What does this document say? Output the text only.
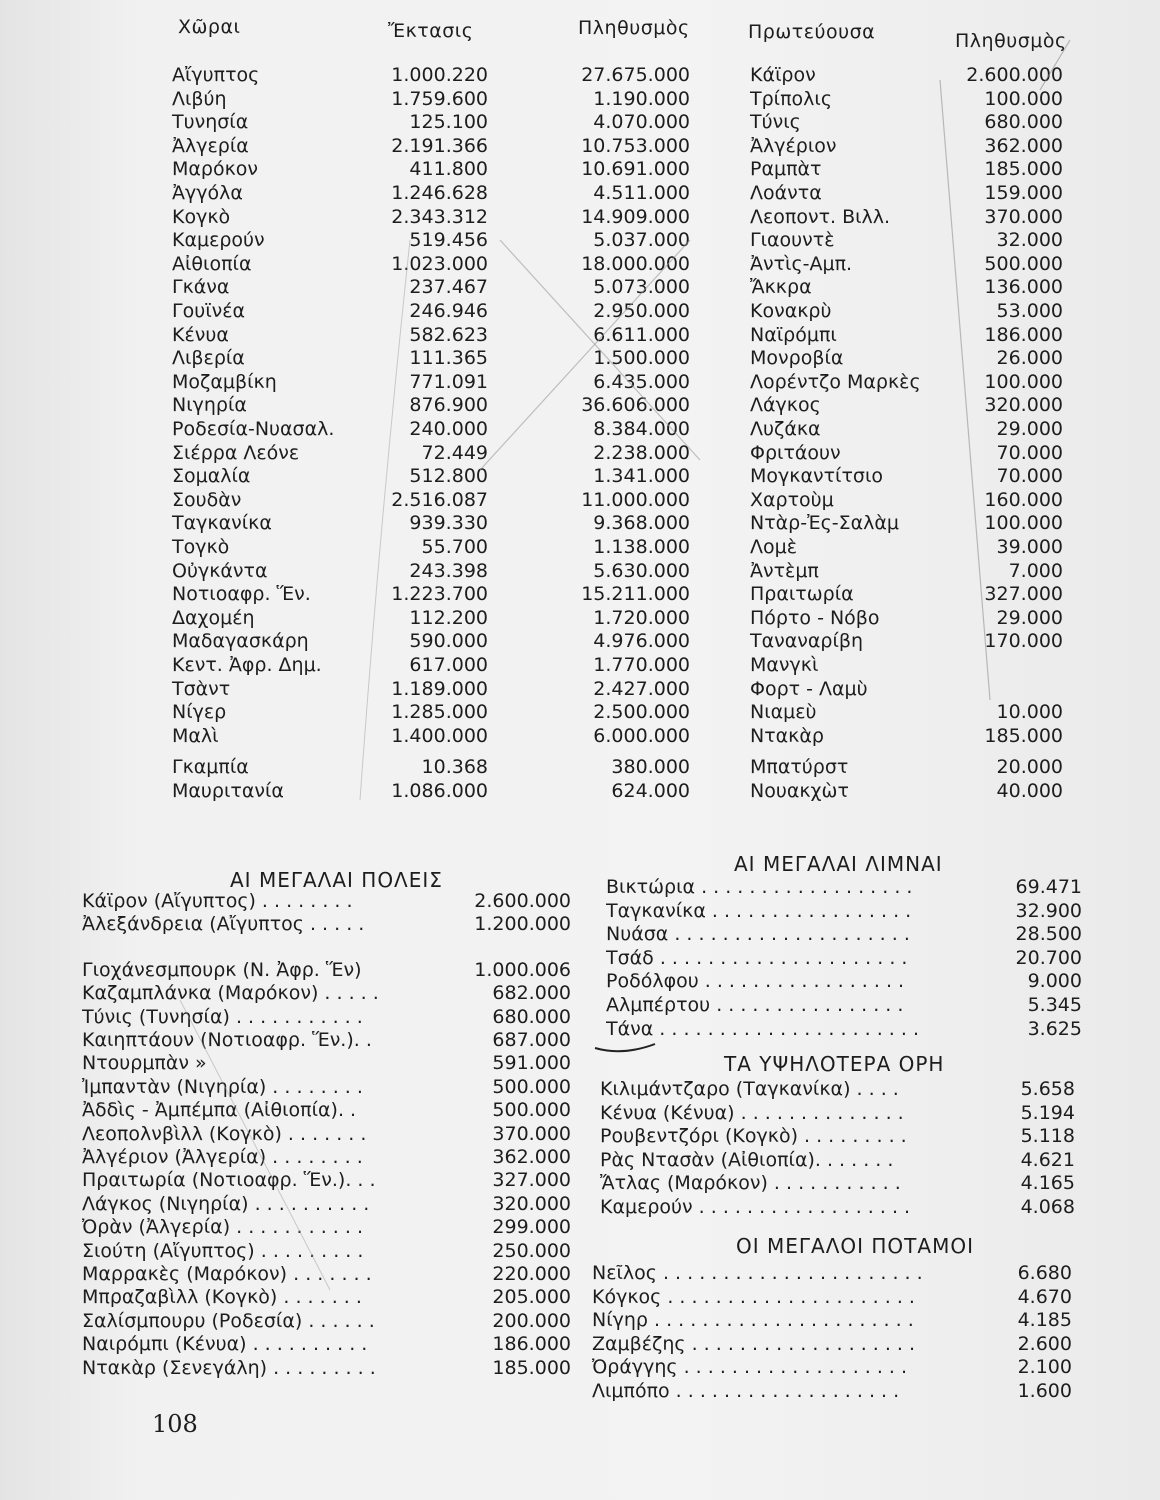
Χῶραι	Ἔκτασις	Πληθυσμὸς	Πρωτεύουσα	Πληθυσμὸς
Αἴγυπτος	1.000.220	27.675.000	Κάϊρον	2.600.000
Λιβύη	1.759.600	1.190.000	Τρίπολις	100.000
Τυνησία	125.100	4.070.000	Τύνις	680.000
Ἀλγερία	2.191.366	10.753.000	Ἀλγέριον	362.000
Μαρόκον	411.800	10.691.000	Ραμπὰτ	185.000
Ἀγγόλα	1.246.628	4.511.000	Λοάντα	159.000
Κογκὸ	2.343.312	14.909.000	Λεοποντ. Βιλλ.	370.000
Καμερούν	519.456	5.037.000	Γιαουντὲ	32.000
Αἰθιοπία	1.023.000	18.000.000	Ἀντὶς-Αμπ.	500.000
Γκάνα	237.467	5.073.000	Ἄκκρα	136.000
Γουϊνέα	246.946	2.950.000	Κονακρὺ	53.000
Κένυα	582.623	6.611.000	Ναϊρόμπι	186.000
Λιβερία	111.365	1.500.000	Μονροβία	26.000
Μοζαμβίκη	771.091	6.435.000	Λορέντζο Μαρκὲς	100.000
Νιγηρία	876.900	36.606.000	Λάγκος	320.000
Ροδεσία-Νυασαλ.	240.000	8.384.000	Λυζάκα	29.000
Σιέρρα Λεόνε	72.449	2.238.000	Φριτάουν	70.000
Σομαλία	512.800	1.341.000	Μογκαντίτσιο	70.000
Σουδὰν	2.516.087	11.000.000	Χαρτοὺμ	160.000
Ταγκανίκα	939.330	9.368.000	Ντὰρ-Ἐς-Σαλὰμ	100.000
Τογκὸ	55.700	1.138.000	Λομὲ	39.000
Οὐγκάντα	243.398	5.630.000	Ἀντὲμπ	7.000
Νοτιοαφρ. Ἕν.	1.223.700	15.211.000	Πραιτωρία	327.000
Δαχομέη	112.200	1.720.000	Πόρτο - Νόβο	29.000
Μαδαγασκάρη	590.000	4.976.000	Ταναναρίβη	170.000
Κεντ. Ἀφρ. Δημ.	617.000	1.770.000	Μανγκὶ
Τσὰντ	1.189.000	2.427.000	Φορτ - Λαμὺ
Νίγερ	1.285.000	2.500.000	Νιαμεὺ	10.000
Μαλὶ	1.400.000	6.000.000	Ντακὰρ	185.000
Γκαμπία	10.368	380.000	Μπατύρστ	20.000
Μαυριτανία	1.086.000	624.000	Νουακχὼτ	40.000
ΑΙ ΜΕΓΑΛΑΙ ΠΟΛΕΙΣ
Κάϊρον (Αἴγυπτος) . . . . . . . .	2.600.000
Ἀλεξάνδρεια (Αἴγυπτος . . . . .	1.200.000
Γιοχάνεσμπουρκ (Ν. Ἀφρ. Ἕν)	1.000.006
Καζαμπλάνκα (Μαρόκον) . . . . .	682.000
Τύνις (Τυνησία) . . . . . . . . . . .	680.000
Καιηπτάουν (Νοτιοαφρ. Ἕν.). .	687.000
Ντουρμπὰν »	591.000
Ἰμπαντὰν (Νιγηρία) . . . . . . . .	500.000
Ἀδδὶς - Ἀμπέμπα (Αἰθιοπία). .	500.000
Λεοπολνβὶλλ (Κογκὸ) . . . . . . .	370.000
Ἀλγέριον (Ἀλγερία) . . . . . . . .	362.000
Πραιτωρία (Νοτιοαφρ. Ἕν.). . .	327.000
Λάγκος (Νιγηρία) . . . . . . . . . .	320.000
Ὀρὰν (Ἀλγερία) . . . . . . . . . . .	299.000
Σιούτη (Αἴγυπτος) . . . . . . . . .	250.000
Μαρρακὲς (Μαρόκον) . . . . . . .	220.000
Μπραζαβὶλλ (Κογκὸ) . . . . . . .	205.000
Σαλίσμπουρυ (Ροδεσία) . . . . . .	200.000
Ναιρόμπι (Κένυα) . . . . . . . . . .	186.000
Ντακὰρ (Σενεγάλη) . . . . . . . . .	185.000
ΑΙ ΜΕΓΑΛΑΙ ΛΙΜΝΑΙ
Βικτώρια . . . . . . . . . . . . . . . . . .	69.471
Ταγκανίκα . . . . . . . . . . . . . . . . .	32.900
Νυάσα . . . . . . . . . . . . . . . . . . . .	28.500
Τσάδ . . . . . . . . . . . . . . . . . . . . .	20.700
Ροδόλφου . . . . . . . . . . . . . . . . .	9.000
Αλμπέρτου . . . . . . . . . . . . . . . .	5.345
Τάνα . . . . . . . . . . . . . . . . . . . . . .	3.625
ΤΑ ΥΨΗΛΟΤΕΡΑ ΟΡΗ
Κιλιμάντζαρο (Ταγκανίκα) . . . .	5.658
Κένυα (Κένυα) . . . . . . . . . . . . . .	5.194
Ρουβεντζόρι (Κογκὸ) . . . . . . . . .	5.118
Ρὰς Ντασὰν (Αἰθιοπία). . . . . . .	4.621
Ἄτλας (Μαρόκον) . . . . . . . . . . .	4.165
Καμερούν . . . . . . . . . . . . . . . . . .	4.068
ΟΙ ΜΕΓΑΛΟΙ ΠΟΤΑΜΟΙ
Νεῖλος . . . . . . . . . . . . . . . . . . . . . .	6.680
Κόγκος . . . . . . . . . . . . . . . . . . . . .	4.670
Νίγηρ . . . . . . . . . . . . . . . . . . . . . .	4.185
Ζαμβέζης . . . . . . . . . . . . . . . . . . .	2.600
Ὀράγγης . . . . . . . . . . . . . . . . . . .	2.100
Λιμπόπο . . . . . . . . . . . . . . . . . . .	1.600
108
